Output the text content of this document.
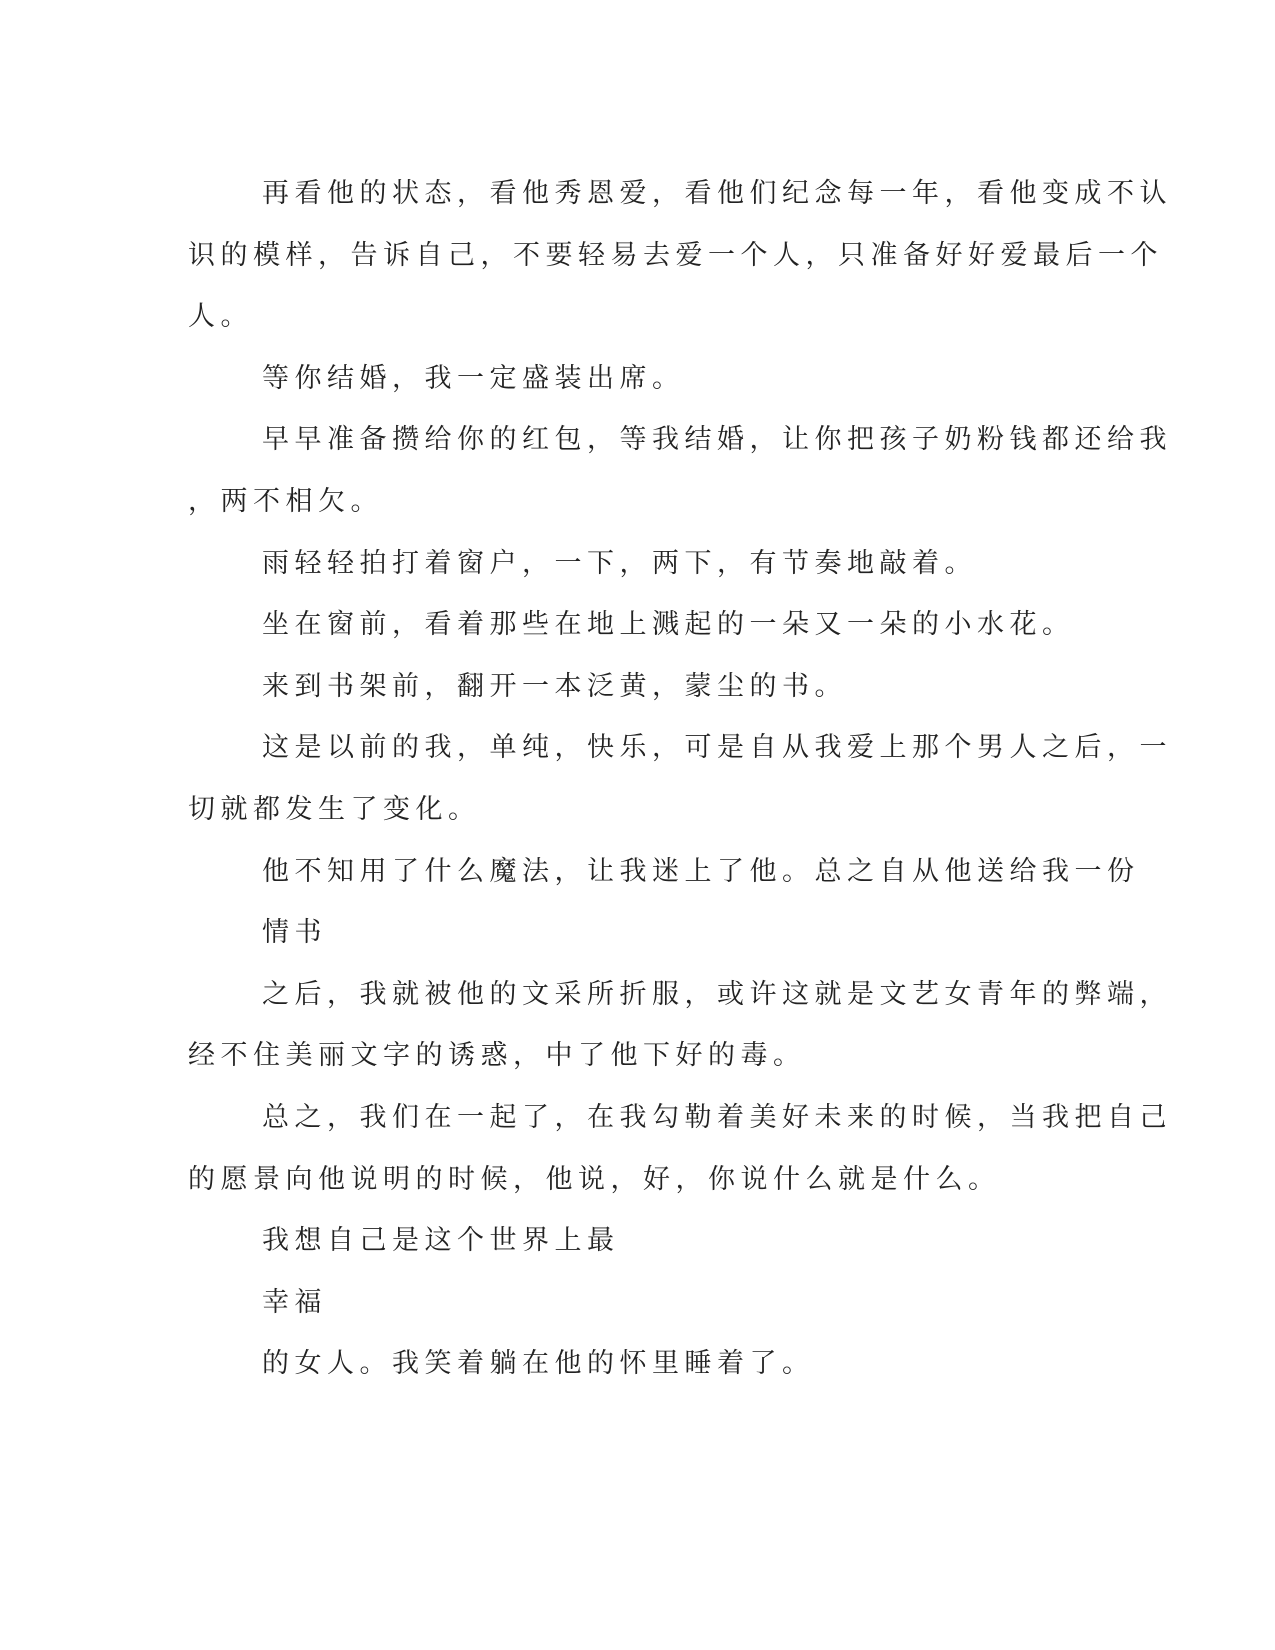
再看他的状态，看他秀恩爱，看他们纪念每一年，看他变成不认
识的模样，告诉自己，不要轻易去爱一个人，只准备好好爱最后一个
人。
等你结婚，我一定盛装出席。
早早准备攒给你的红包，等我结婚，让你把孩子奶粉钱都还给我
，两不相欠。
雨轻轻拍打着窗户，一下，两下，有节奏地敲着。
坐在窗前，看着那些在地上溅起的一朵又一朵的小水花。
来到书架前，翻开一本泛黄，蒙尘的书。
这是以前的我，单纯，快乐，可是自从我爱上那个男人之后，一
切就都发生了变化。
他不知用了什么魔法，让我迷上了他。总之自从他送给我一份
情书
之后，我就被他的文采所折服，或许这就是文艺女青年的弊端，
经不住美丽文字的诱惑，中了他下好的毒。
总之，我们在一起了，在我勾勒着美好未来的时候，当我把自己
的愿景向他说明的时候，他说，好，你说什么就是什么。
我想自己是这个世界上最
幸福
的女人。我笑着躺在他的怀里睡着了。
